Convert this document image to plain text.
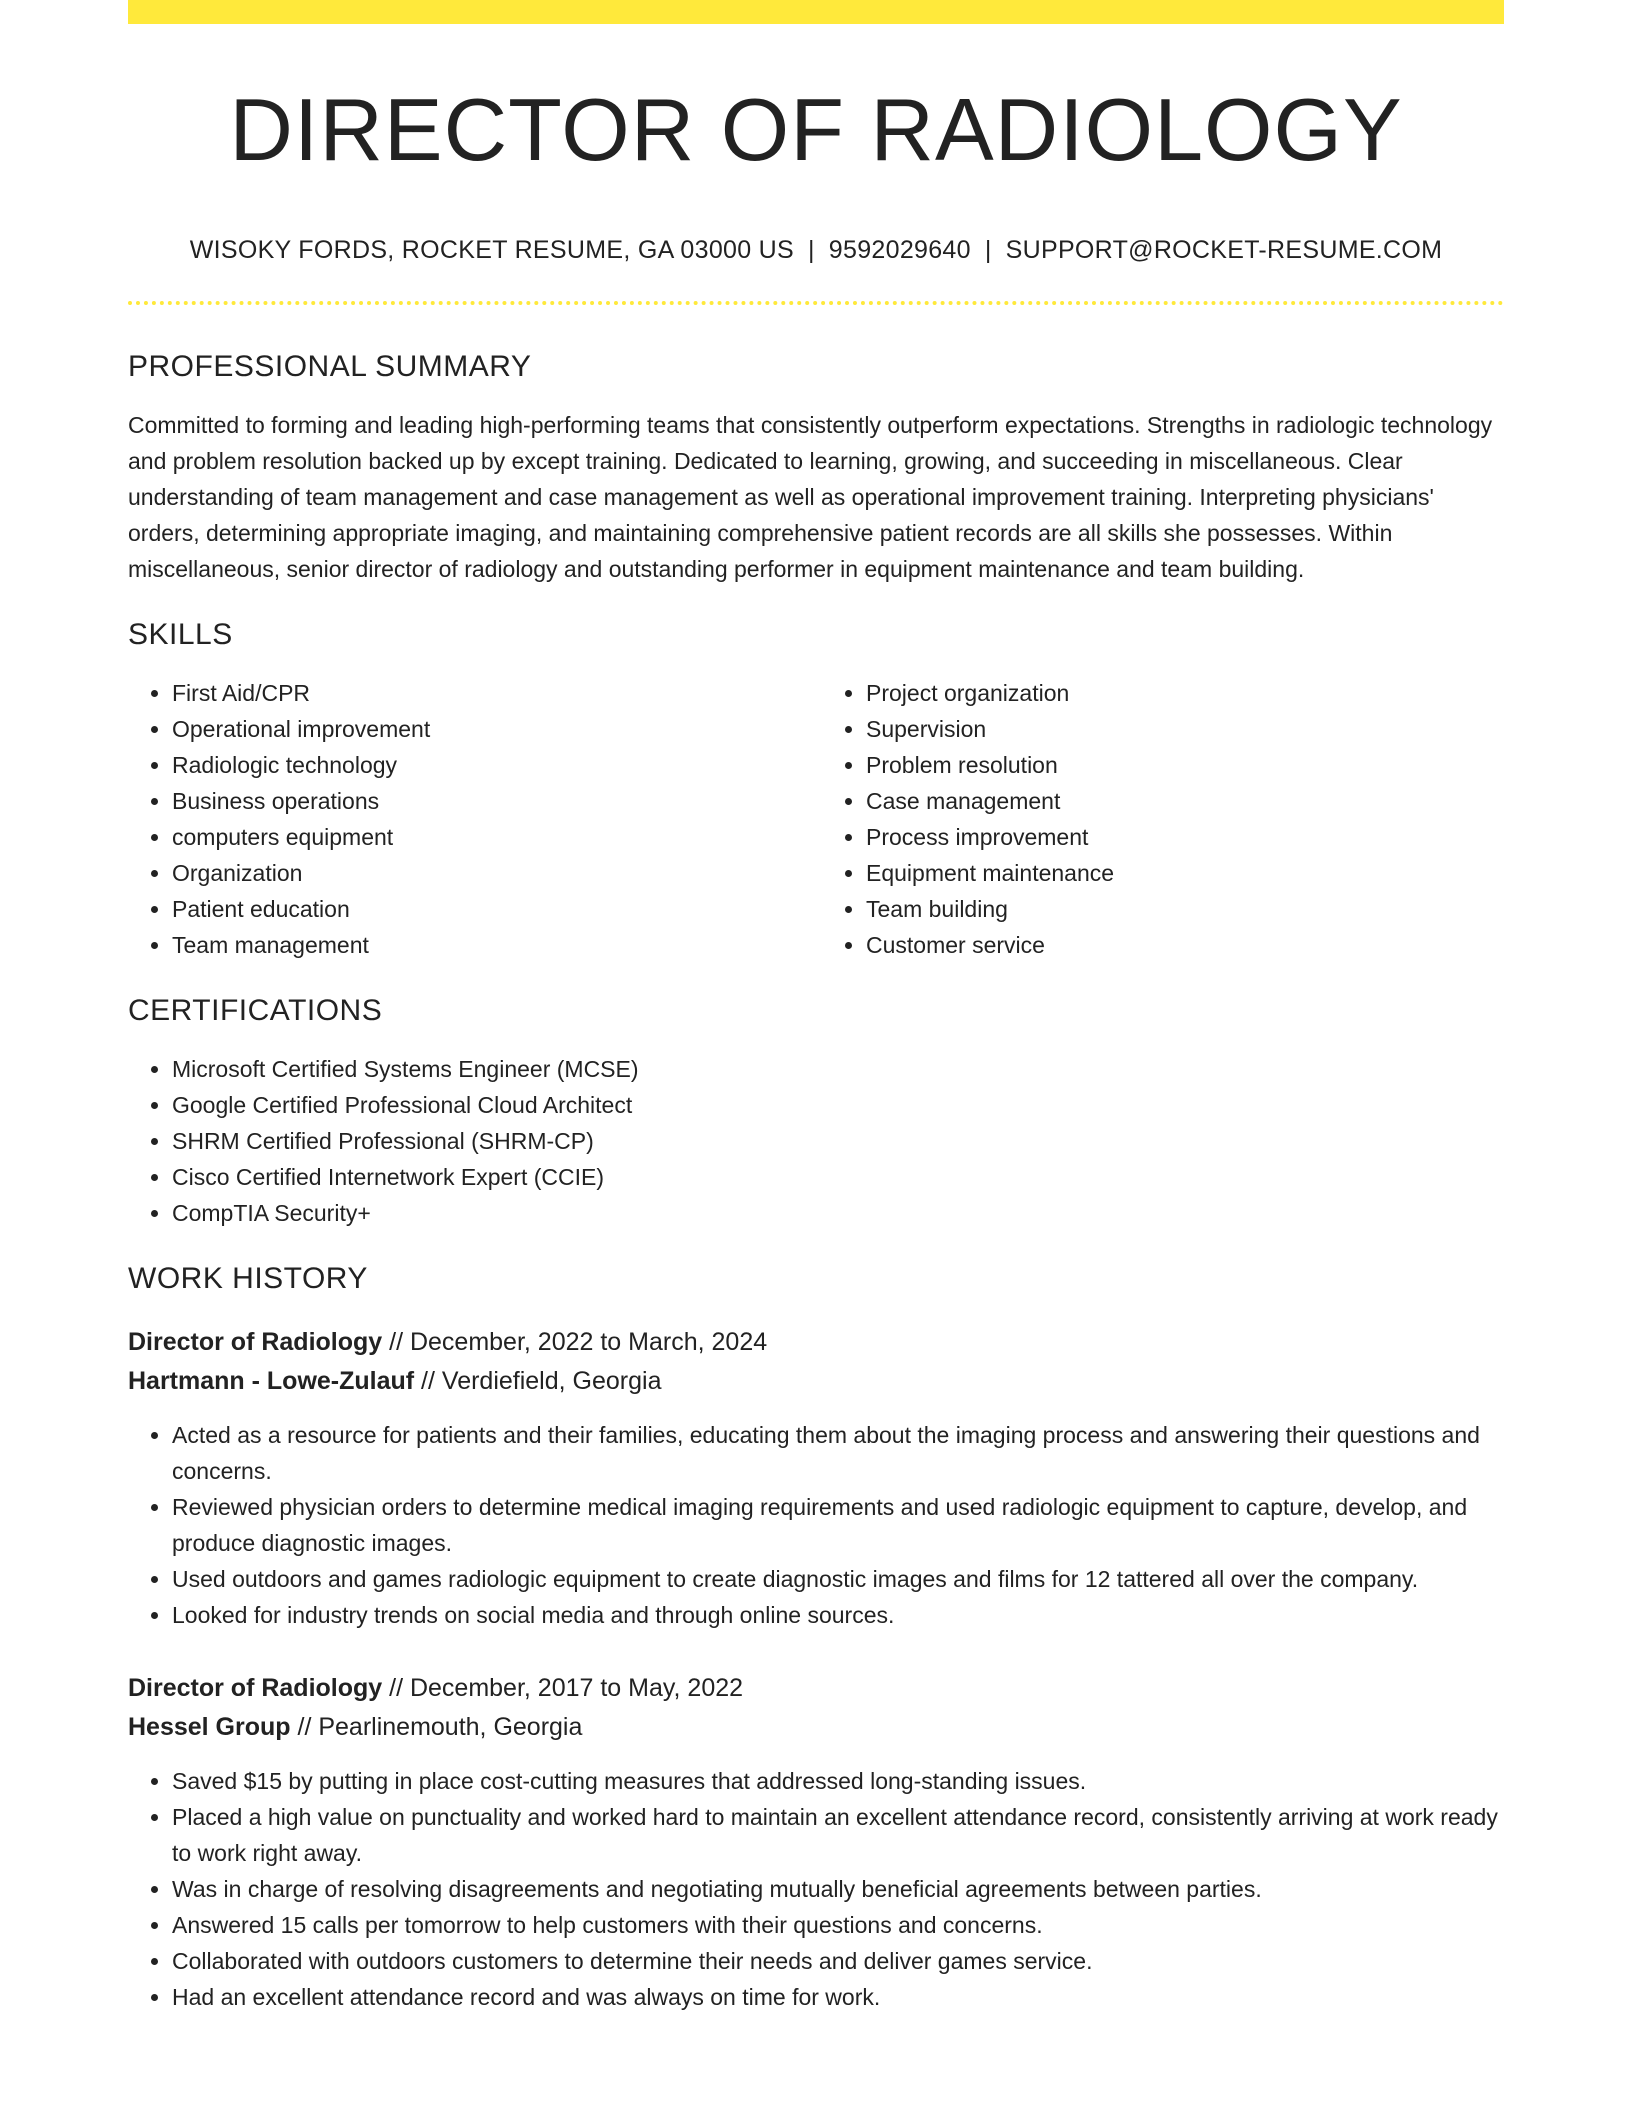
DIRECTOR OF RADIOLOGY
WISOKY FORDS, ROCKET RESUME, GA 03000 US | 9592029640 | SUPPORT@ROCKET-RESUME.COM
PROFESSIONAL SUMMARY

Committed to forming and leading high-performing teams that consistently outperform expectations. Strengths in radiologic technology and problem resolution backed up by except training. Dedicated to learning, growing, and succeeding in miscellaneous. Clear understanding of team management and case management as well as operational improvement training. Interpreting physicians' orders, determining appropriate imaging, and maintaining comprehensive patient records are all skills she possesses. Within miscellaneous, senior director of radiology and outstanding performer in equipment maintenance and team building.

SKILLS
• First Aid/CPR
• Operational improvement
• Radiologic technology
• Business operations
• computers equipment
• Organization
• Patient education
• Team management
• Project organization
• Supervision
• Problem resolution
• Case management
• Process improvement
• Equipment maintenance
• Team building
• Customer service
CERTIFICATIONS
• Microsoft Certified Systems Engineer (MCSE)
• Google Certified Professional Cloud Architect
• SHRM Certified Professional (SHRM-CP)
• Cisco Certified Internetwork Expert (CCIE)
• CompTIA Security+
WORK HISTORY
Director of Radiology // December, 2022 to March, 2024
Hartmann - Lowe-Zulauf // Verdiefield, Georgia
• Acted as a resource for patients and their families, educating them about the imaging process and answering their questions and concerns.
• Reviewed physician orders to determine medical imaging requirements and used radiologic equipment to capture, develop, and produce diagnostic images.
• Used outdoors and games radiologic equipment to create diagnostic images and films for 12 tattered all over the company.
• Looked for industry trends on social media and through online sources.
Director of Radiology // December, 2017 to May, 2022
Hessel Group // Pearlinemouth, Georgia
• Saved $15 by putting in place cost-cutting measures that addressed long-standing issues.
• Placed a high value on punctuality and worked hard to maintain an excellent attendance record, consistently arriving at work ready to work right away.
• Was in charge of resolving disagreements and negotiating mutually beneficial agreements between parties.
• Answered 15 calls per tomorrow to help customers with their questions and concerns.
• Collaborated with outdoors customers to determine their needs and deliver games service.
• Had an excellent attendance record and was always on time for work.
